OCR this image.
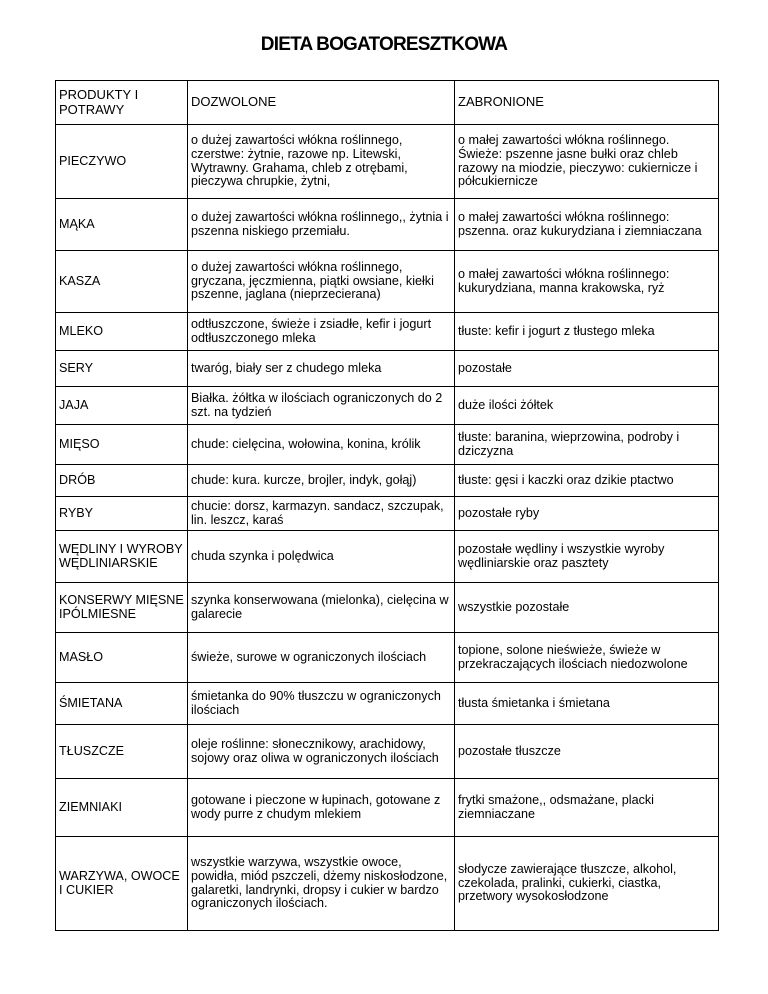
DIETA BOGATORESZTKOWA
PRODUKTY I POTRAWY	DOZWOLONE	ZABRONIONE
PIECZYWO	o dużej zawartości włókna roślinnego, czerstwe: żytnie, razowe np. Litewski, Wytrawny. Grahama, chleb z otrębami, pieczywa chrupkie, żytni,	o małej zawartości włókna roślinnego. Świeże: pszenne jasne bułki oraz chleb razowy na miodzie, pieczywo: cukiernicze i półcukiernicze
MĄKA	o dużej zawartości włókna roślinnego,, żytnia i pszenna niskiego przemiału.	o małej zawartości włókna roślinnego: pszenna. oraz kukurydziana i ziemniaczana
KASZA	o dużej zawartości włókna roślinnego, gryczana, jęczmienna, piątki owsiane, kiełki pszenne, jaglana (nieprzecierana)	o małej zawartości włókna roślinnego: kukurydziana, manna krakowska, ryż
MLEKO	odtłuszczone, świeże i zsiadłe, kefir i jogurt odtłuszczonego mleka	tłuste: kefir i jogurt z tłustego mleka
SERY	twaróg, biały ser z chudego mleka	pozostałe
JAJA	Białka. żółtka w ilościach ograniczonych do 2 szt. na tydzień	duże ilości żółtek
MIĘSO	chude: cielęcina, wołowina, konina, królik	tłuste: baranina, wieprzowina, podroby i dziczyzna
DRÓB	chude: kura. kurcze, brojler, indyk, gołąj)	tłuste: gęsi i kaczki oraz dzikie ptactwo
RYBY	chucie: dorsz, karmazyn. sandacz, szczupak, lin. leszcz, karaś	pozostałe ryby
WĘDLINY I WYROBY WĘDLINIARSKIE	chuda szynka i polędwica	pozostałe wędliny i wszystkie wyroby wędliniarskie oraz pasztety
KONSERWY MIĘSNE IPÓLMIESNE	szynka konserwowana (mielonka), cielęcina w galarecie	wszystkie pozostałe
MASŁO	świeże, surowe w ograniczonych ilościach	topione, solone nieświeże, świeże w przekraczających ilościach niedozwolone
ŚMIETANA	śmietanka do 90% tłuszczu w ograniczonych ilościach	tłusta śmietanka i śmietana
TŁUSZCZE	oleje roślinne: słonecznikowy, arachidowy, sojowy oraz oliwa w ograniczonych ilościach	pozostałe tłuszcze
ZIEMNIAKI	gotowane i pieczone w łupinach, gotowane z wody purre z chudym mlekiem	frytki smażone,, odsmażane, placki ziemniaczane
WARZYWA, OWOCE I CUKIER	wszystkie warzywa, wszystkie owoce, powidła, miód pszczeli, dżemy niskosłodzone, galaretki, landrynki, dropsy i cukier w bardzo ograniczonych ilościach.	słodycze zawierające tłuszcze, alkohol, czekolada, pralinki, cukierki, ciastka, przetwory wysokosłodzone
